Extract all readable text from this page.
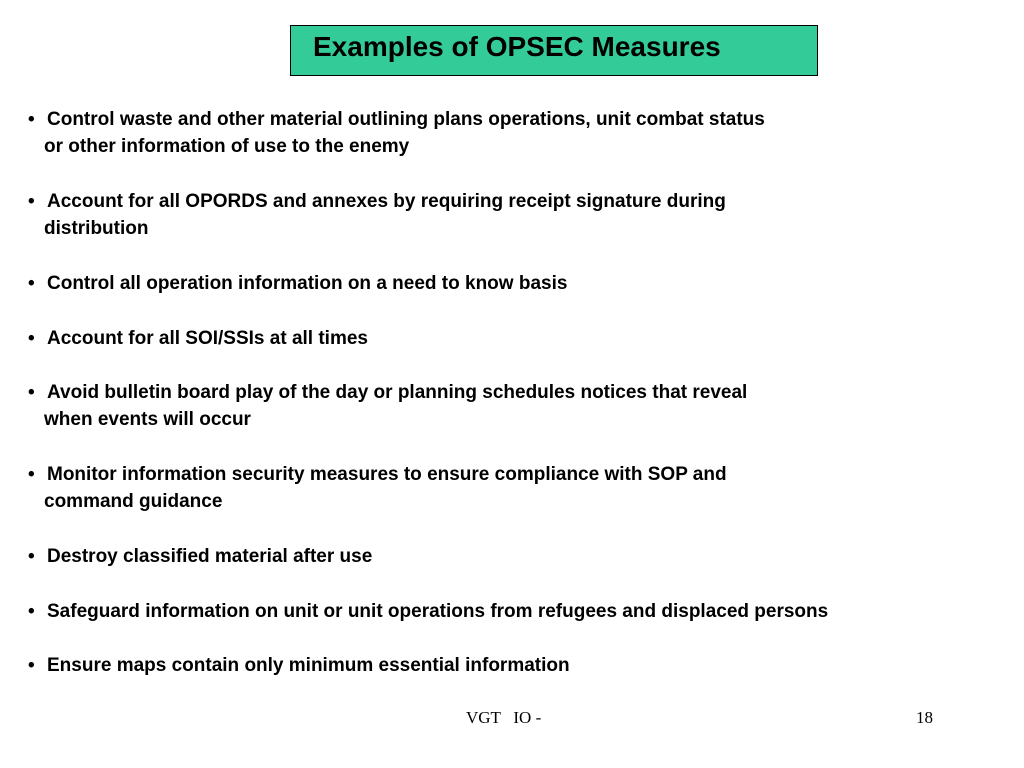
Examples of OPSEC Measures
• Control waste and other material outlining plans operations, unit combat status
or other information of use to the enemy
• Account for all OPORDS and annexes by requiring receipt signature during
distribution
• Control all operation information on a need to know basis
• Account for all SOI/SSIs at all times
• Avoid bulletin board play of the day or planning schedules notices that reveal
when events will occur
• Monitor information security measures to ensure compliance with SOP and
command guidance
• Destroy classified material after use
• Safeguard information on unit or unit operations from refugees and displaced persons
• Ensure maps contain only minimum essential information
VGT   IO -	18
